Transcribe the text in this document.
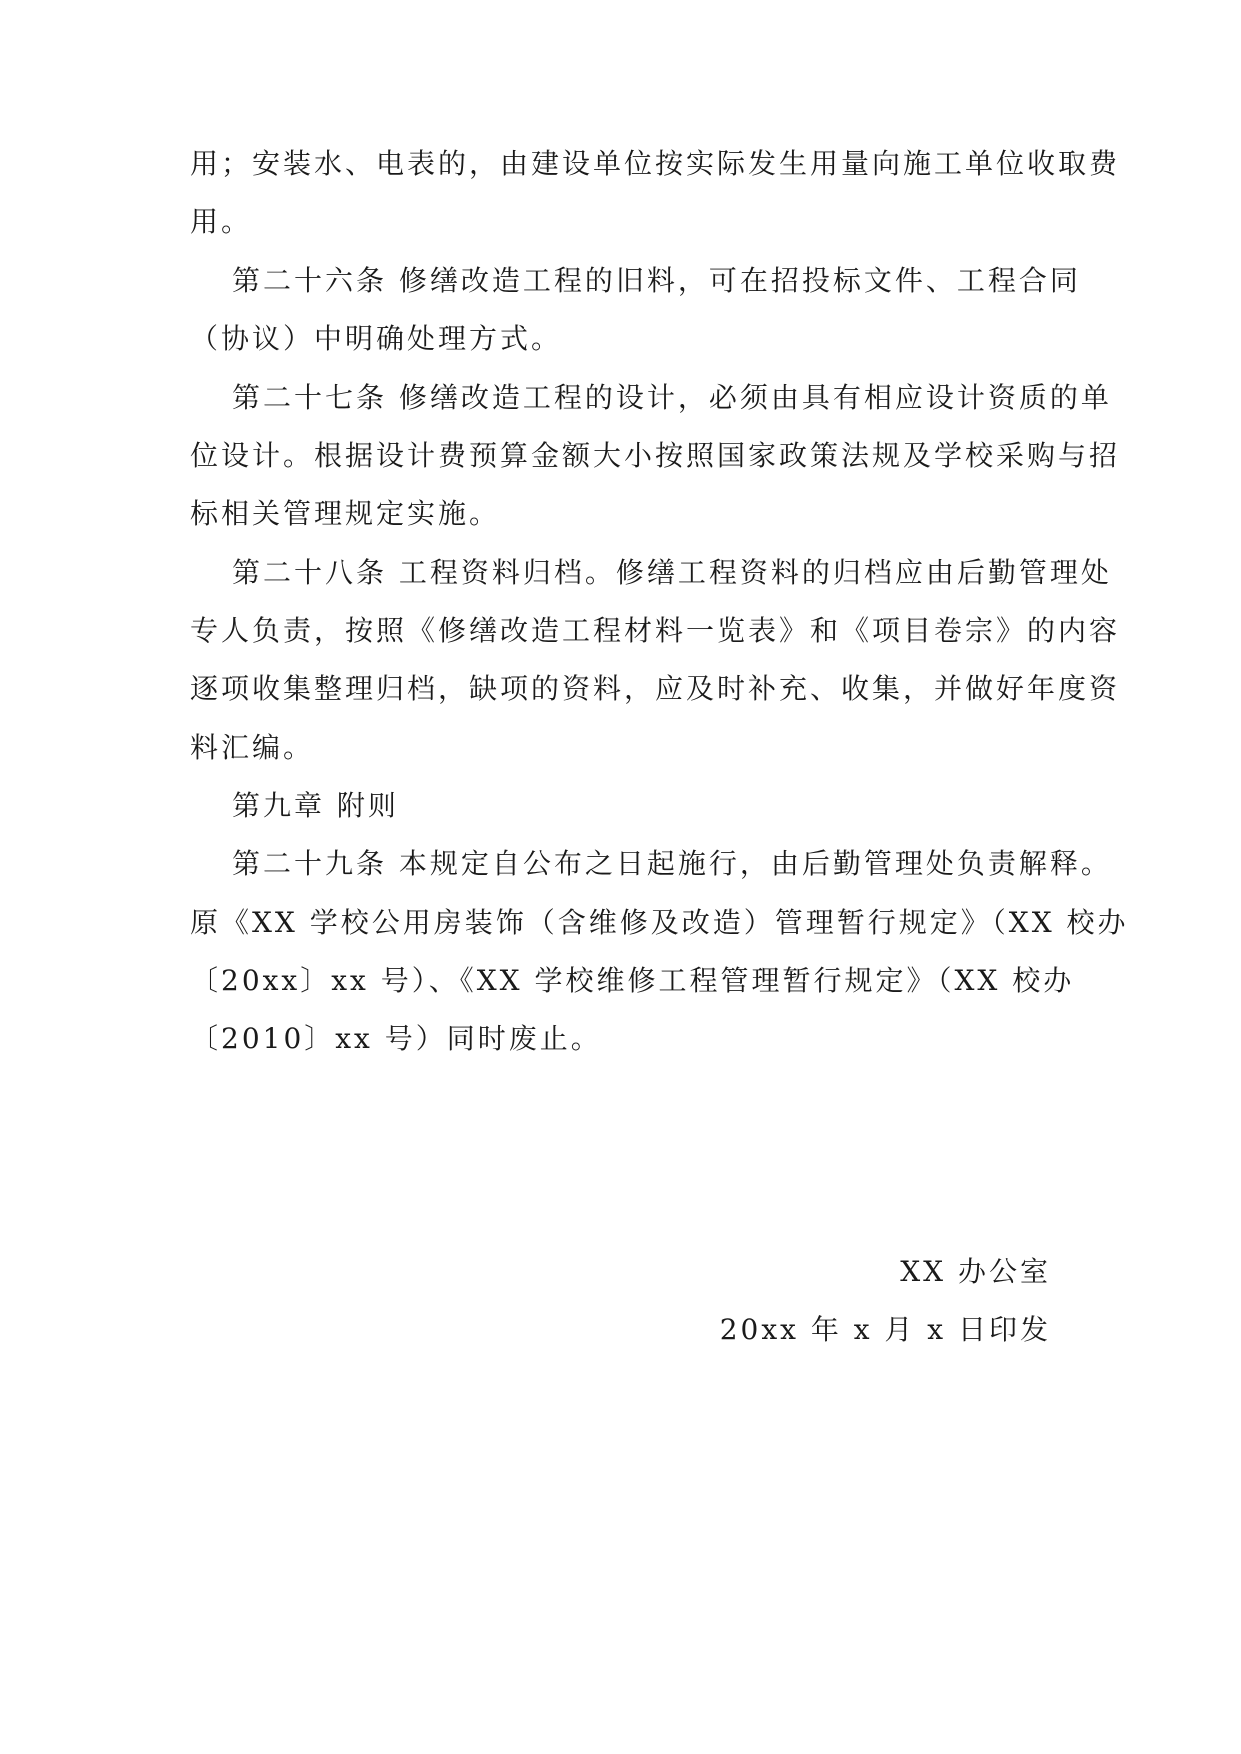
用；安装水、电表的，由建设单位按实际发生用量向施工单位收取费
用。
第二十六条 修缮改造工程的旧料，可在招投标文件、工程合同
（协议）中明确处理方式。
第二十七条 修缮改造工程的设计，必须由具有相应设计资质的单
位设计。根据设计费预算金额大小按照国家政策法规及学校采购与招
标相关管理规定实施。
第二十八条 工程资料归档。修缮工程资料的归档应由后勤管理处
专人负责，按照《修缮改造工程材料一览表》和《项目卷宗》的内容
逐项收集整理归档，缺项的资料，应及时补充、收集，并做好年度资
料汇编。
第九章 附则
第二十九条 本规定自公布之日起施行，由后勤管理处负责解释。
原《XX 学校公用房装饰（含维修及改造）管理暂行规定》（XX 校办
〔20xx〕xx 号）、《XX 学校维修工程管理暂行规定》（XX 校办
〔2010〕xx 号）同时废止。
XX 办公室
20xx 年 x 月 x 日印发
